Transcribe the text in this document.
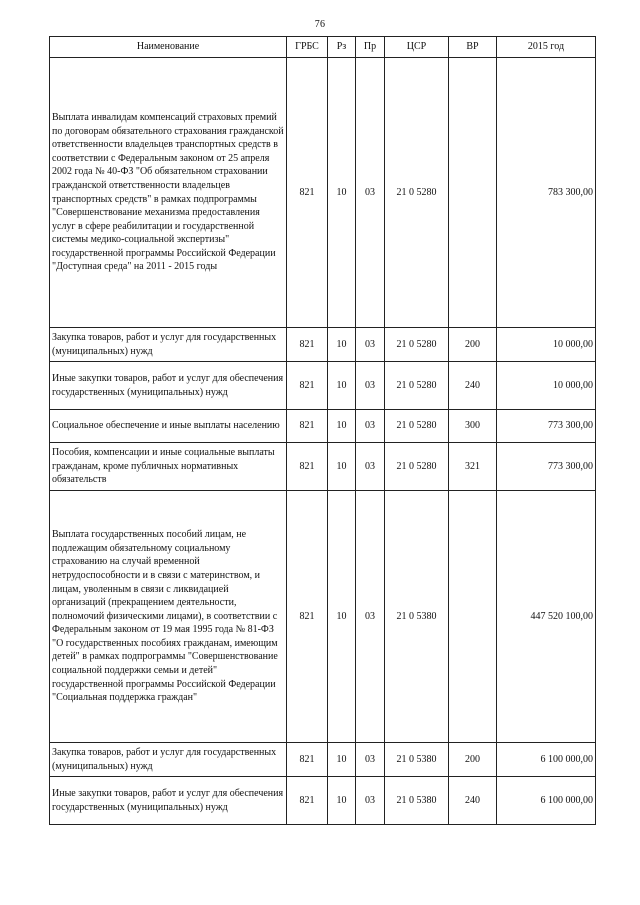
76
Наименование	ГРБС	Рз	Пр	ЦСР	ВР	2015 год
Выплата инвалидам компенсаций страховых премий по договорам обязательного страхования гражданской ответственности владельцев транспортных средств в соответствии с Федеральным законом от 25 апреля 2002 года № 40-ФЗ "Об обязательном страховании гражданской ответственности владельцев транспортных средств" в рамках подпрограммы "Совершенствование механизма предоставления услуг в сфере реабилитации и государственной системы медико-социальной экспертизы" государственной программы Российской Федерации "Доступная среда" на 2011 - 2015 годы	821	10	03	21 0 5280		783 300,00
Закупка товаров, работ и услуг для государственных (муниципальных) нужд	821	10	03	21 0 5280	200	10 000,00
Иные закупки товаров, работ и услуг для обеспечения государственных (муниципальных) нужд	821	10	03	21 0 5280	240	10 000,00
Социальное обеспечение и иные выплаты населению	821	10	03	21 0 5280	300	773 300,00
Пособия, компенсации и иные социальные выплаты гражданам, кроме публичных нормативных обязательств	821	10	03	21 0 5280	321	773 300,00
Выплата государственных пособий лицам, не подлежащим обязательному социальному страхованию на случай временной нетрудоспособности и в связи с материнством, и лицам, уволенным в связи с ликвидацией организаций (прекращением деятельности, полномочий физическими лицами), в соответствии с Федеральным законом от 19 мая 1995 года № 81-ФЗ "О государственных пособиях гражданам, имеющим детей" в рамках подпрограммы "Совершенствование социальной поддержки семьи и детей" государственной программы Российской Федерации "Социальная поддержка граждан"	821	10	03	21 0 5380		447 520 100,00
Закупка товаров, работ и услуг для государственных (муниципальных) нужд	821	10	03	21 0 5380	200	6 100 000,00
Иные закупки товаров, работ и услуг для обеспечения государственных (муниципальных) нужд	821	10	03	21 0 5380	240	6 100 000,00
